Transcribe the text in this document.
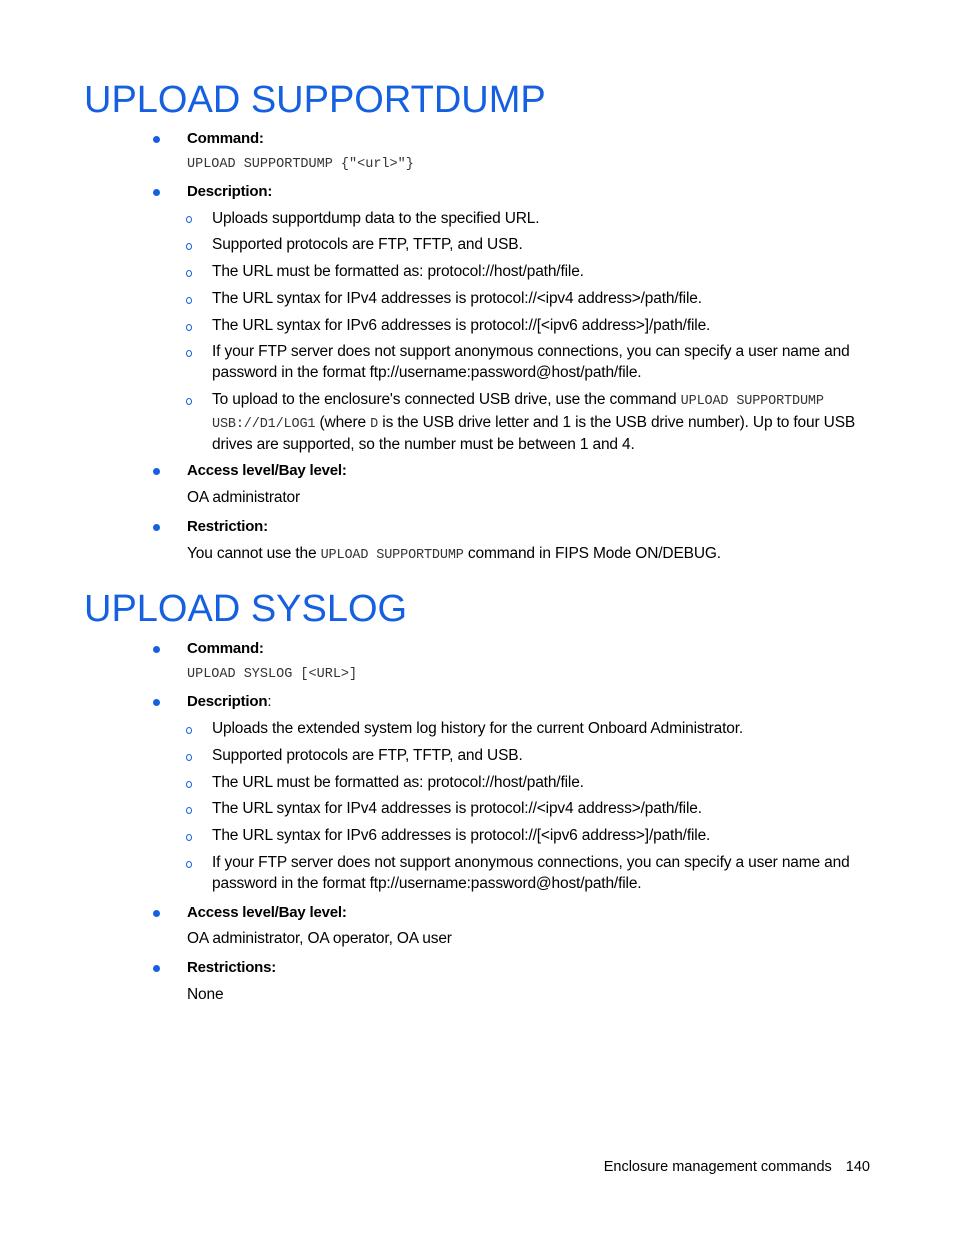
UPLOAD SUPPORTDUMP
Command:
UPLOAD SUPPORTDUMP {"<url>"}
Description:
Uploads supportdump data to the specified URL.
Supported protocols are FTP, TFTP, and USB.
The URL must be formatted as: protocol://host/path/file.
The URL syntax for IPv4 addresses is protocol://<ipv4 address>/path/file.
The URL syntax for IPv6 addresses is protocol://[<ipv6 address>]/path/file.
If your FTP server does not support anonymous connections, you can specify a user name and password in the format ftp://username:password@host/path/file.
To upload to the enclosure's connected USB drive, use the command UPLOAD SUPPORTDUMP USB://D1/LOG1 (where D is the USB drive letter and 1 is the USB drive number). Up to four USB drives are supported, so the number must be between 1 and 4.
Access level/Bay level:
OA administrator
Restriction:
You cannot use the UPLOAD SUPPORTDUMP command in FIPS Mode ON/DEBUG.
UPLOAD SYSLOG
Command:
UPLOAD SYSLOG [<URL>]
Description:
Uploads the extended system log history for the current Onboard Administrator.
Supported protocols are FTP, TFTP, and USB.
The URL must be formatted as: protocol://host/path/file.
The URL syntax for IPv4 addresses is protocol://<ipv4 address>/path/file.
The URL syntax for IPv6 addresses is protocol://[<ipv6 address>]/path/file.
If your FTP server does not support anonymous connections, you can specify a user name and password in the format ftp://username:password@host/path/file.
Access level/Bay level:
OA administrator, OA operator, OA user
Restrictions:
None
Enclosure management commands 140
